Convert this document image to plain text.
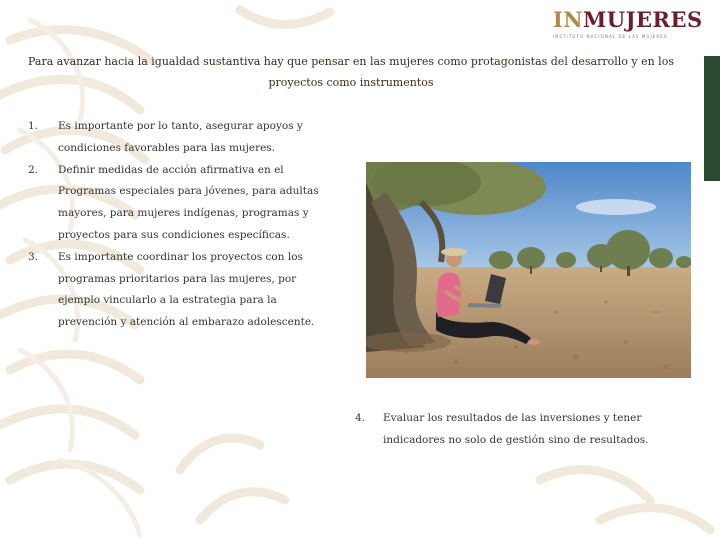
INMUJERES
INSTITUTO NACIONAL DE LAS MUJERES
Para avanzar hacia la igualdad sustantiva hay que pensar en las mujeres como protagonistas del desarrollo y en los proyectos como instrumentos
1.	Es importante por lo tanto, asegurar apoyos y condiciones favorables para las mujeres.
2.	Definir medidas de acción afirmativa en el Programas especiales para jóvenes, para adultas mayores, para mujeres indígenas, programas y proyectos para sus condiciones específicas.
3.	Es importante coordinar los proyectos con los programas prioritarios para las mujeres, por ejemplo vincularlo a la estrategia para la prevención y atención al embarazo adolescente.
4.	Evaluar los resultados de las inversiones y tener indicadores no solo de gestión sino de resultados.
